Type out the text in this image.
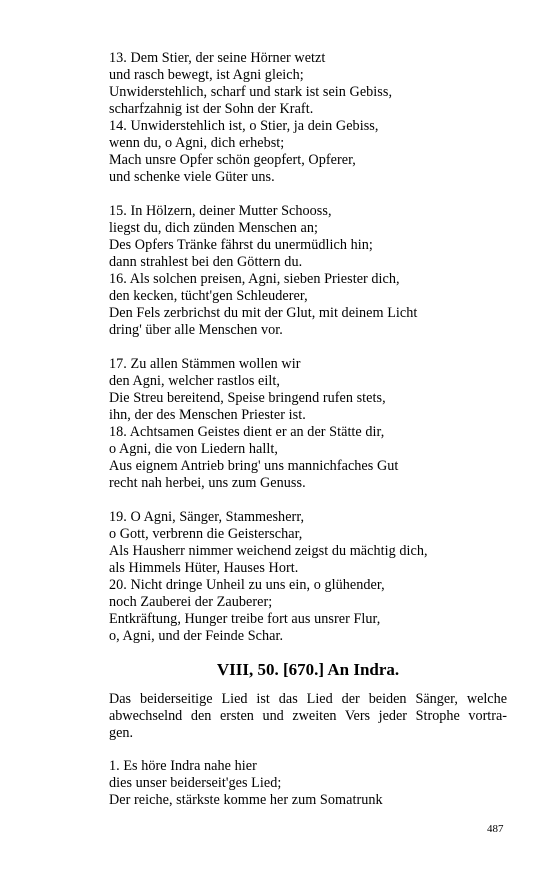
13. Dem Stier, der seine Hörner wetzt
und rasch bewegt, ist Agni gleich;
Unwiderstehlich, scharf und stark ist sein Gebiss,
scharfzahnig ist der Sohn der Kraft.
14. Unwiderstehlich ist, o Stier, ja dein Gebiss,
wenn du, o Agni, dich erhebst;
Mach unsre Opfer schön geopfert, Opferer,
und schenke viele Güter uns.
15. In Hölzern, deiner Mutter Schooss,
liegst du, dich zünden Menschen an;
Des Opfers Tränke fährst du unermüdlich hin;
dann strahlest bei den Göttern du.
16. Als solchen preisen, Agni, sieben Priester dich,
den kecken, tücht'gen Schleuderer,
Den Fels zerbrichst du mit der Glut, mit deinem Licht
dring' über alle Menschen vor.
17. Zu allen Stämmen wollen wir
den Agni, welcher rastlos eilt,
Die Streu bereitend, Speise bringend rufen stets,
ihn, der des Menschen Priester ist.
18. Achtsamen Geistes dient er an der Stätte dir,
o Agni, die von Liedern hallt,
Aus eignem Antrieb bring' uns mannichfaches Gut
recht nah herbei, uns zum Genuss.
19. O Agni, Sänger, Stammesherr,
o Gott, verbrenn die Geisterschar,
Als Hausherr nimmer weichend zeigst du mächtig dich,
als Himmels Hüter, Hauses Hort.
20. Nicht dringe Unheil zu uns ein, o glühender,
noch Zauberei der Zauberer;
Entkräftung, Hunger treibe fort aus unsrer Flur,
o, Agni, und der Feinde Schar.
VIII, 50. [670.] An Indra.
Das beiderseitige Lied ist das Lied der beiden Sänger, welche
abwechselnd den ersten und zweiten Vers jeder Strophe vortra-
gen.
1. Es höre Indra nahe hier
dies unser beiderseit'ges Lied;
Der reiche, stärkste komme her zum Somatrunk
487
